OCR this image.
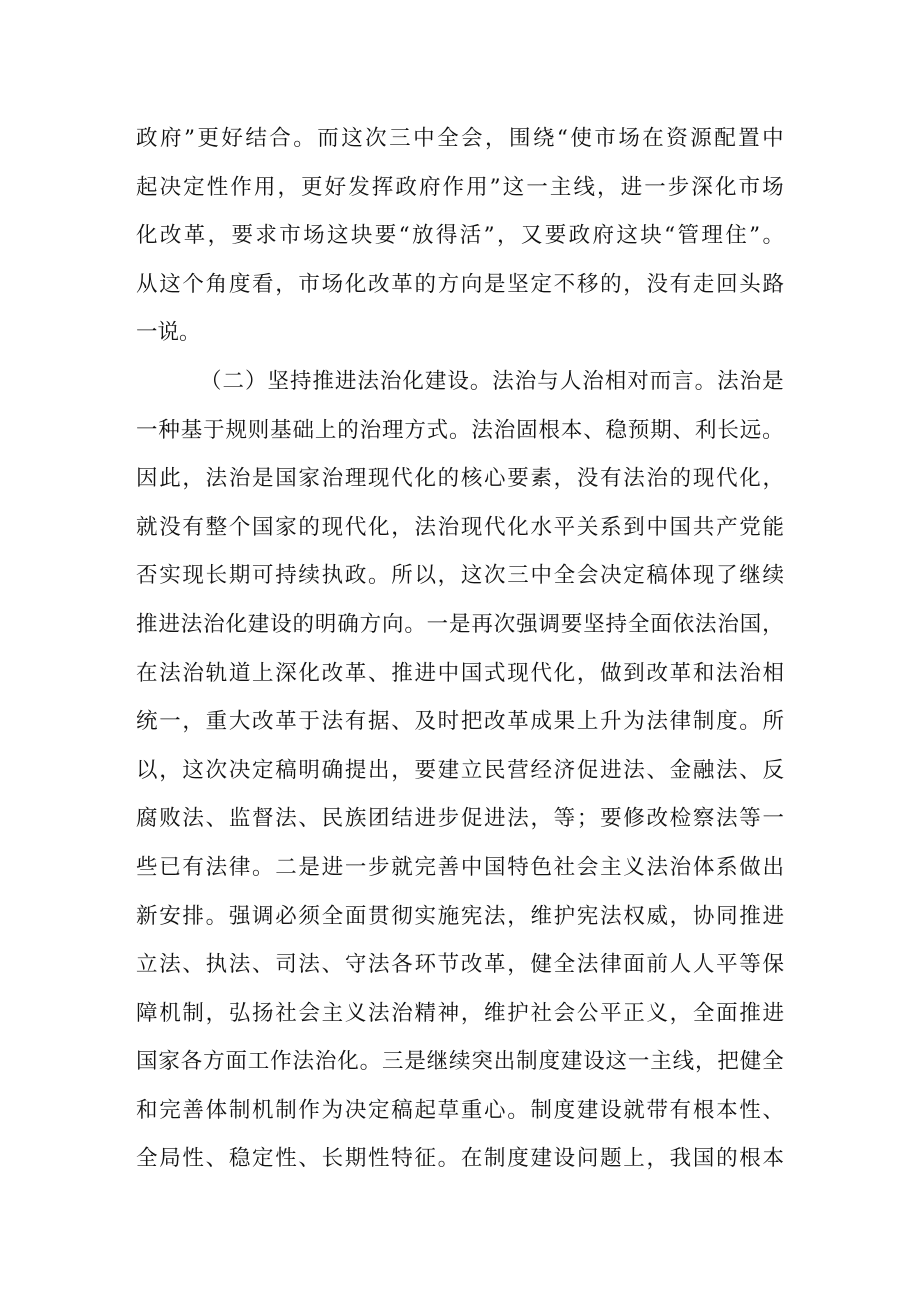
政 府 ” 更 好 结 合 。 而 这 次 三 中 全 会 ， 围 绕 “ 使 市 场 在 资 源 配 置 中
起 决 定 性 作 用 ， 更 好 发 挥 政 府 作 用 ” 这 一 主 线 ， 进 一 步 深 化 市 场
化 改 革 ， 要 求 市 场 这 块 要 “ 放 得 活 ” ， 又 要 政 府 这 块 “ 管 理 住 ” 。
从 这 个 角 度 看 ， 市 场 化 改 革 的 方 向 是 坚 定 不 移 的 ， 没 有 走 回 头 路
一说。
（ 二 ） 坚 持 推 进 法 治 化 建 设 。 法 治 与 人 治 相 对 而 言 。 法 治 是
一 种 基 于 规 则 基 础 上 的 治 理 方 式 。 法 治 固 根 本 、 稳 预 期 、 利 长 远 。
因 此 ， 法 治 是 国 家 治 理 现 代 化 的 核 心 要 素 ， 没 有 法 治 的 现 代 化 ，
就 没 有 整 个 国 家 的 现 代 化 ， 法 治 现 代 化 水 平 关 系 到 中 国 共 产 党 能
否 实 现 长 期 可 持 续 执 政 。 所 以 ， 这 次 三 中 全 会 决 定 稿 体 现 了 继 续
推 进 法 治 化 建 设 的 明 确 方 向 。 一 是 再 次 强 调 要 坚 持 全 面 依 法 治 国 ，
在 法 治 轨 道 上 深 化 改 革 、 推 进 中 国 式 现 代 化 ， 做 到 改 革 和 法 治 相
统 一 ， 重 大 改 革 于 法 有 据 、 及 时 把 改 革 成 果 上 升 为 法 律 制 度 。 所
以 ， 这 次 决 定 稿 明 确 提 出 ， 要 建 立 民 营 经 济 促 进 法 、 金 融 法 、 反
腐 败 法 、 监 督 法 、 民 族 团 结 进 步 促 进 法 ， 等 ； 要 修 改 检 察 法 等 一
些 已 有 法 律 。 二 是 进 一 步 就 完 善 中 国 特 色 社 会 主 义 法 治 体 系 做 出
新 安 排 。 强 调 必 须 全 面 贯 彻 实 施 宪 法 ， 维 护 宪 法 权 威 ， 协 同 推 进
立 法 、 执 法 、 司 法 、 守 法 各 环 节 改 革 ， 健 全 法 律 面 前 人 人 平 等 保
障 机 制 ， 弘 扬 社 会 主 义 法 治 精 神 ， 维 护 社 会 公 平 正 义 ， 全 面 推 进
国 家 各 方 面 工 作 法 治 化 。 三 是 继 续 突 出 制 度 建 设 这 一 主 线 ， 把 健 全
和 完 善 体 制 机 制 作 为 决 定 稿 起 草 重 心 。 制 度 建 设 就 带 有 根 本 性 、
全 局 性 、 稳 定 性 、 长 期 性 特 征 。 在 制 度 建 设 问 题 上 ， 我 国 的 根 本
